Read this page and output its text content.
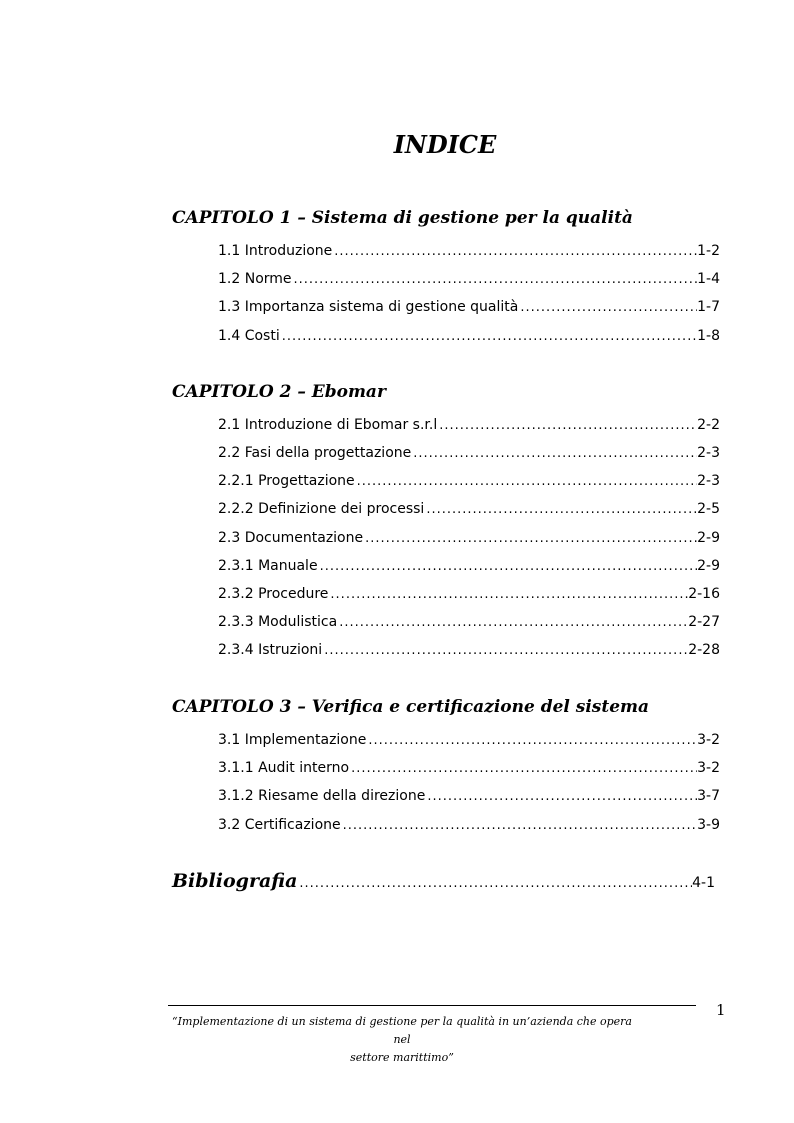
INDICE
CAPITOLO 1 – Sistema di gestione per la qualità
1.1 Introduzione .....	1-2
1.2 Norme .....	1-4
1.3 Importanza sistema di gestione qualità .....	1-7
1.4 Costi .....	1-8
CAPITOLO 2 – Ebomar
2.1 Introduzione di Ebomar s.r.l .....	2-2
2.2 Fasi della progettazione .....	2-3
2.2.1 Progettazione .....	2-3
2.2.2 Definizione dei processi .....	2-5
2.3 Documentazione .....	2-9
2.3.1 Manuale .....	2-9
2.3.2 Procedure .....	2-16
2.3.3 Modulistica .....	2-27
2.3.4 Istruzioni .....	2-28
CAPITOLO 3 – Verifica e certificazione del sistema
3.1 Implementazione .....	3-2
3.1.1 Audit interno .....	3-2
3.1.2 Riesame della direzione .....	3-7
3.2 Certificazione .....	3-9
Bibliografia .....	4-1
“Implementazione di un sistema di gestione per la qualità in un’azienda che opera nel
settore marittimo”
1
